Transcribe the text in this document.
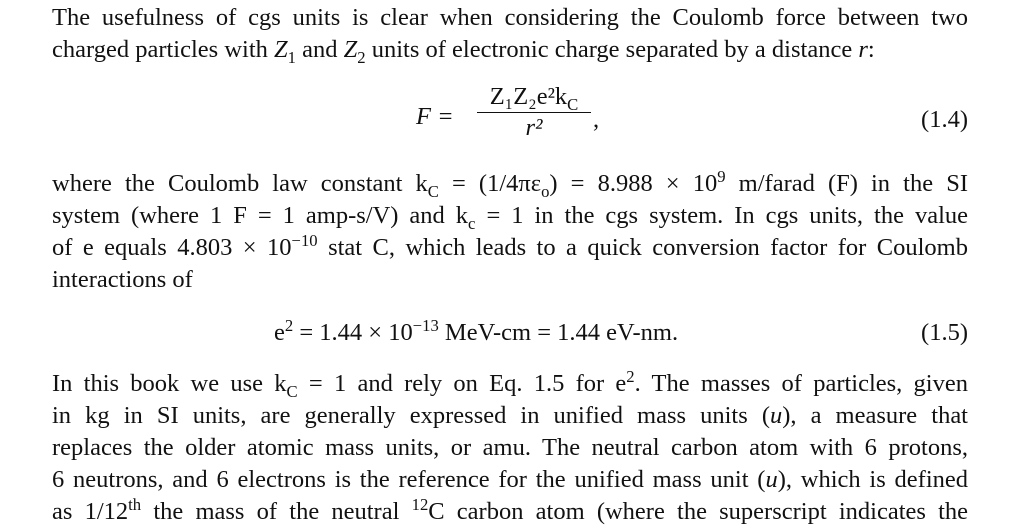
The usefulness of cgs units is clear when considering the Coulomb force between two
charged particles with $Z_1$ and $Z_2$ units of electronic charge separated by a distance r:
F =
$Z_1Z_2e^2k_C$
r²	,	(1.4)
where the Coulomb law constant $k_C = (1/4\pi\varepsilon_o) = 8.988 \times 10^9$ m/farad (F) in the SI
system (where 1 F = 1 amp-s/V) and $k_c = 1$ in the cgs system. In cgs units, the value
of e equals $4.803 \times 10^{-10}$ stat C, which leads to a quick conversion factor for Coulomb
interactions of
$e^2 = 1.44 \times 10^{-13}$ MeV-cm = 1.44 eV-nm.	(1.5)
In this book we use $k_C = 1$ and rely on Eq. 1.5 for $e^2$. The masses of particles, given
in kg in SI units, are generally expressed in unified mass units (u), a measure that
replaces the older atomic mass units, or amu. The neutral carbon atom with 6 protons,
6 neutrons, and 6 electrons is the reference for the unified mass unit (u), which is defined
as 1/12th the mass of the neutral $^{12}$C carbon atom (where the superscript indicates the
